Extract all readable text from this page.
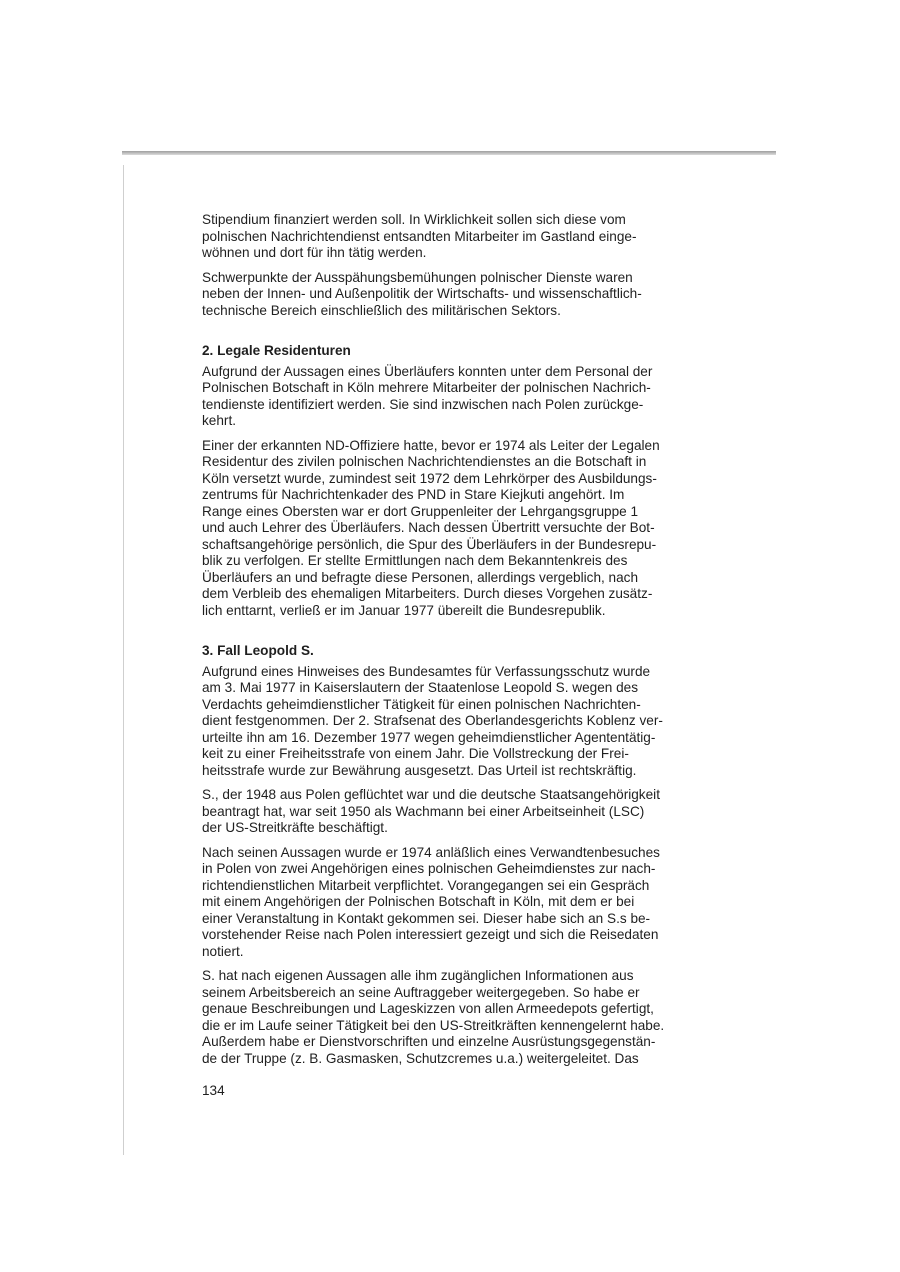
Stipendium finanziert werden soll. In Wirklichkeit sollen sich diese vom
polnischen Nachrichtendienst entsandten Mitarbeiter im Gastland einge-
wöhnen und dort für ihn tätig werden.

Schwerpunkte der Ausspähungsbemühungen polnischer Dienste waren
neben der Innen- und Außenpolitik der Wirtschafts- und wissenschaftlich-
technische Bereich einschließlich des militärischen Sektors.

2. Legale Residenturen

Aufgrund der Aussagen eines Überläufers konnten unter dem Personal der
Polnischen Botschaft in Köln mehrere Mitarbeiter der polnischen Nachrich-
tendienste identifiziert werden. Sie sind inzwischen nach Polen zurückge-
kehrt.

Einer der erkannten ND-Offiziere hatte, bevor er 1974 als Leiter der Legalen
Residentur des zivilen polnischen Nachrichtendienstes an die Botschaft in
Köln versetzt wurde, zumindest seit 1972 dem Lehrkörper des Ausbildungs-
zentrums für Nachrichtenkader des PND in Stare Kiejkuti angehört. Im
Range eines Obersten war er dort Gruppenleiter der Lehrgangsgruppe 1
und auch Lehrer des Überläufers. Nach dessen Übertritt versuchte der Bot-
schaftsangehörige persönlich, die Spur des Überläufers in der Bundesrepu-
blik zu verfolgen. Er stellte Ermittlungen nach dem Bekanntenkreis des
Überläufers an und befragte diese Personen, allerdings vergeblich, nach
dem Verbleib des ehemaligen Mitarbeiters. Durch dieses Vorgehen zusätz-
lich enttarnt, verließ er im Januar 1977 übereilt die Bundesrepublik.

3. Fall Leopold S.

Aufgrund eines Hinweises des Bundesamtes für Verfassungsschutz wurde
am 3. Mai 1977 in Kaiserslautern der Staatenlose Leopold S. wegen des
Verdachts geheimdienstlicher Tätigkeit für einen polnischen Nachrichten-
dient festgenommen. Der 2. Strafsenat des Oberlandesgerichts Koblenz ver-
urteilte ihn am 16. Dezember 1977 wegen geheimdienstlicher Agententätig-
keit zu einer Freiheitsstrafe von einem Jahr. Die Vollstreckung der Frei-
heitsstrafe wurde zur Bewährung ausgesetzt. Das Urteil ist rechtskräftig.

S., der 1948 aus Polen geflüchtet war und die deutsche Staatsangehörigkeit
beantragt hat, war seit 1950 als Wachmann bei einer Arbeitseinheit (LSC)
der US-Streitkräfte beschäftigt.

Nach seinen Aussagen wurde er 1974 anläßlich eines Verwandtenbesuches
in Polen von zwei Angehörigen eines polnischen Geheimdienstes zur nach-
richtendienstlichen Mitarbeit verpflichtet. Vorangegangen sei ein Gespräch
mit einem Angehörigen der Polnischen Botschaft in Köln, mit dem er bei
einer Veranstaltung in Kontakt gekommen sei. Dieser habe sich an S.s be-
vorstehender Reise nach Polen interessiert gezeigt und sich die Reisedaten
notiert.

S. hat nach eigenen Aussagen alle ihm zugänglichen Informationen aus
seinem Arbeitsbereich an seine Auftraggeber weitergegeben. So habe er
genaue Beschreibungen und Lageskizzen von allen Armeedepots gefertigt,
die er im Laufe seiner Tätigkeit bei den US-Streitkräften kennengelernt habe.
Außerdem habe er Dienstvorschriften und einzelne Ausrüstungsgegenstän-
de der Truppe (z. B. Gasmasken, Schutzcremes u.a.) weitergeleitet. Das

134
